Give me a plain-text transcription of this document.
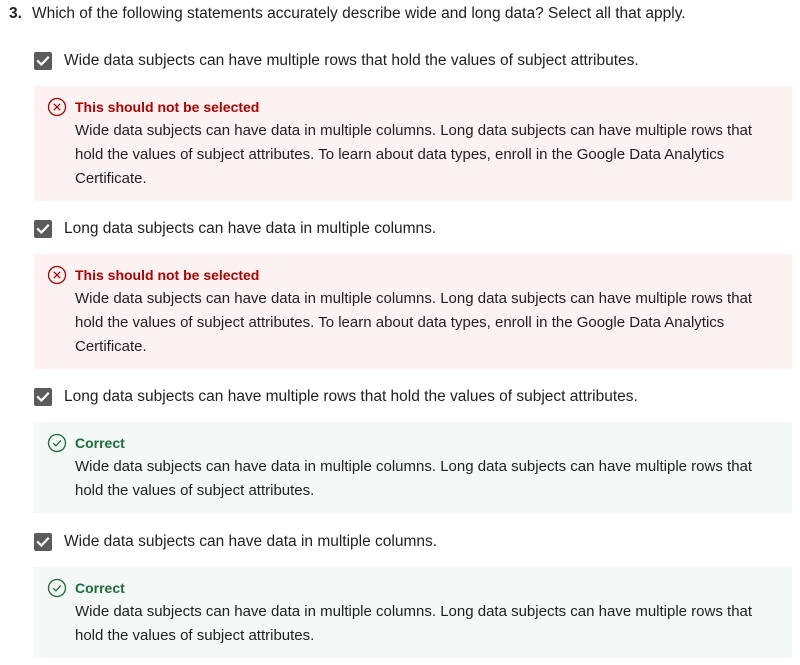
3. Which of the following statements accurately describe wide and long data? Select all that apply.
Wide data subjects can have multiple rows that hold the values of subject attributes.
This should not be selected
Wide data subjects can have data in multiple columns. Long data subjects can have multiple rows that
hold the values of subject attributes. To learn about data types, enroll in the Google Data Analytics
Certificate.
Long data subjects can have data in multiple columns.
This should not be selected
Wide data subjects can have data in multiple columns. Long data subjects can have multiple rows that
hold the values of subject attributes. To learn about data types, enroll in the Google Data Analytics
Certificate.
Long data subjects can have multiple rows that hold the values of subject attributes.
Correct
Wide data subjects can have data in multiple columns. Long data subjects can have multiple rows that
hold the values of subject attributes.
Wide data subjects can have data in multiple columns.
Correct
Wide data subjects can have data in multiple columns. Long data subjects can have multiple rows that
hold the values of subject attributes.
